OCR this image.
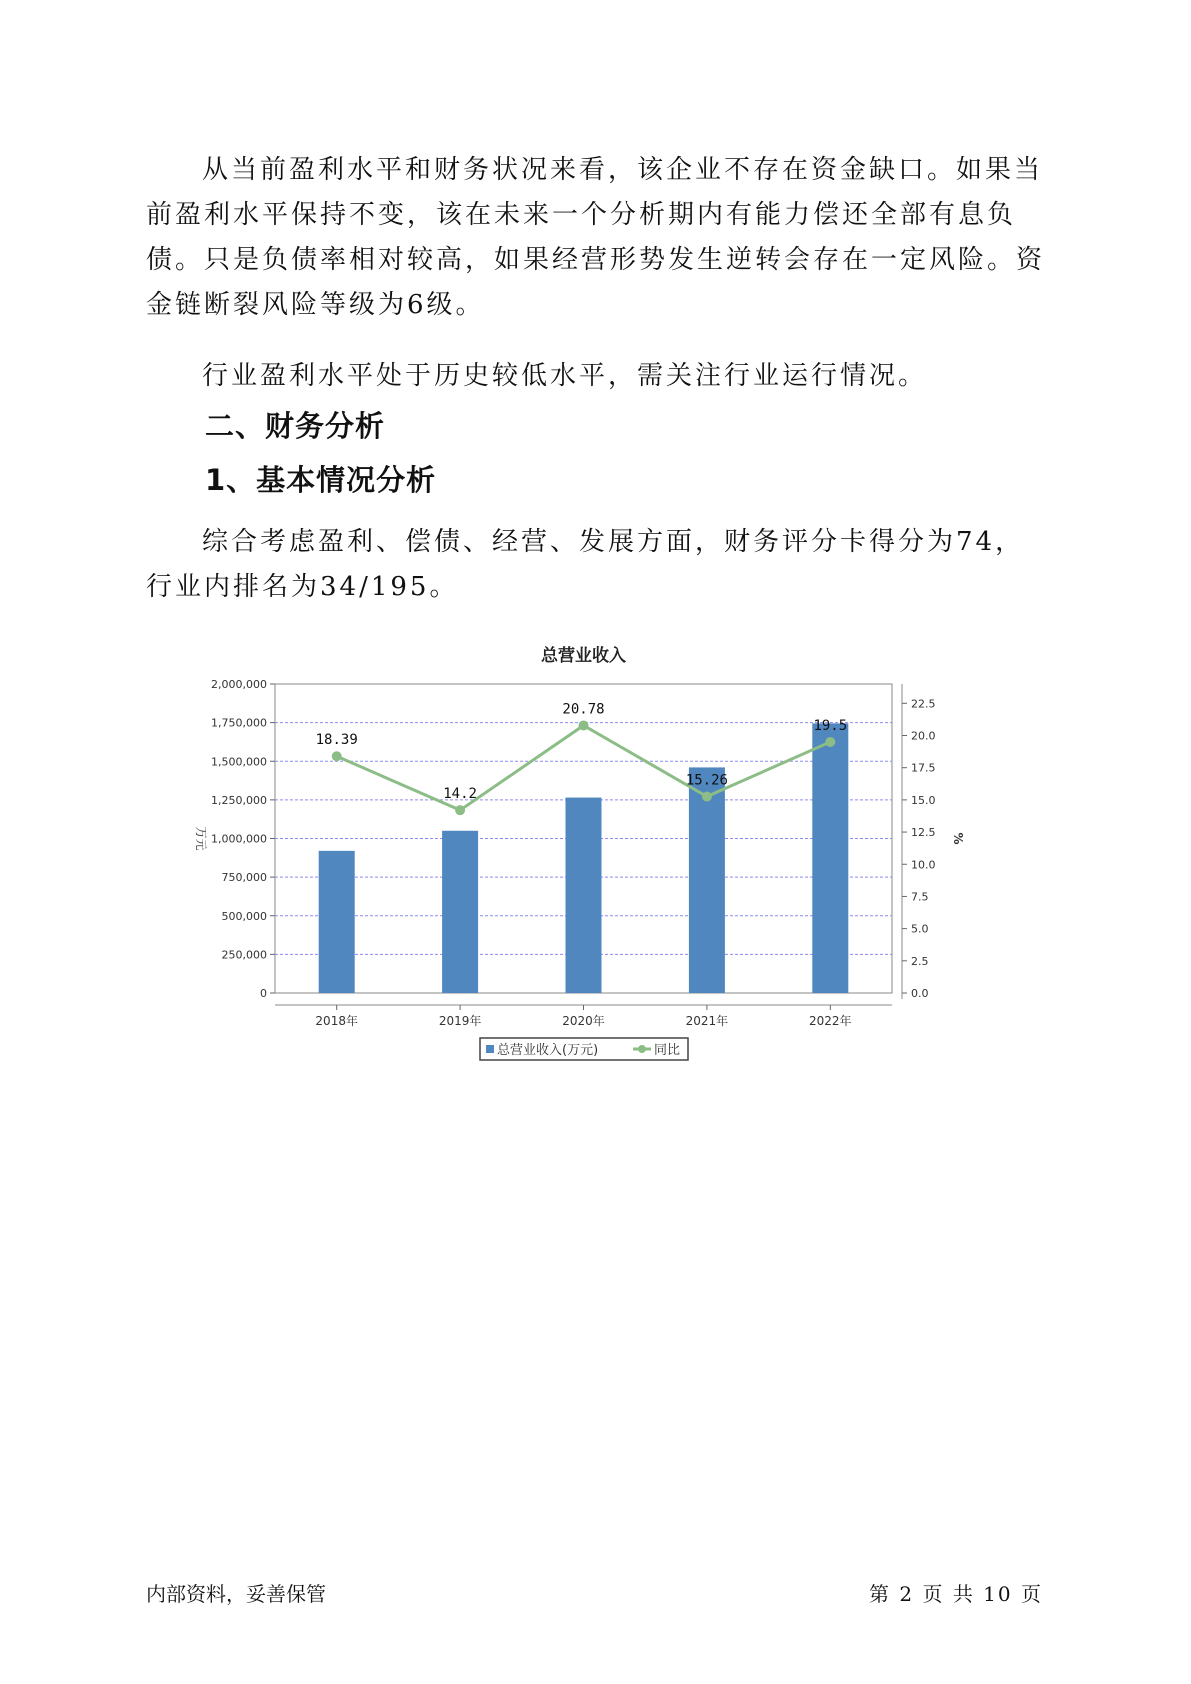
从当前盈利水平和财务状况来看，该企业不存在资金缺口。如果当前盈利水平保持不变，该在未来一个分析期内有能力偿还全部有息负债。只是负债率相对较高，如果经营形势发生逆转会存在一定风险。资金链断裂风险等级为6级。

行业盈利水平处于历史较低水平，需关注行业运行情况。

二、财务分析
1、基本情况分析

综合考虑盈利、偿债、经营、发展方面，财务评分卡得分为74，行业内排名为34/195。

总营业收入
0
250,000
500,000
750,000
1,000,000
1,250,000
1,500,000
1,750,000
2,000,000
0.0
2.5
5.0
7.5
10.0
12.5
15.0
17.5
20.0
22.5
万元	%
2018年	2019年	2020年	2021年	2022年
18.39
14.2
20.78
15.26
19.5
总营业收入(万元)	同比
内部资料，妥善保管	第 2 页 共 10 页
